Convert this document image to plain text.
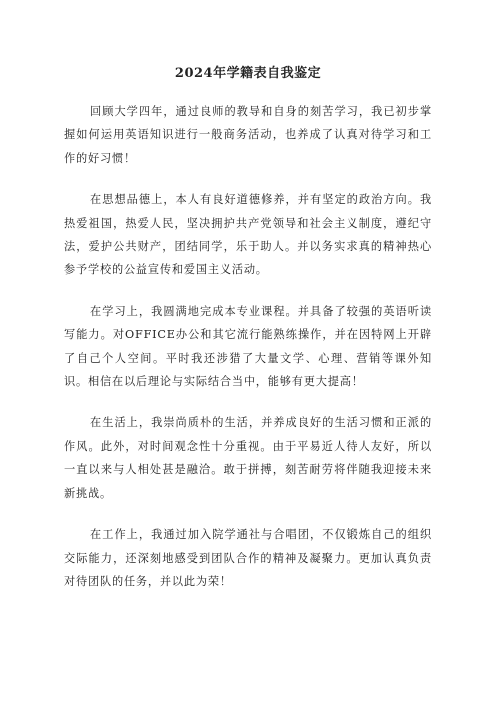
2024年学籍表自我鉴定

回顾大学四年，通过良师的教导和自身的刻苦学习，我已初步掌握如何运用英语知识进行一般商务活动，也养成了认真对待学习和工作的好习惯！

在思想品德上，本人有良好道德修养，并有坚定的政治方向。我热爱祖国，热爱人民，坚决拥护共产党领导和社会主义制度，遵纪守法，爱护公共财产，团结同学，乐于助人。并以务实求真的精神热心参予学校的公益宣传和爱国主义活动。

在学习上，我圆满地完成本专业课程。并具备了较强的英语听读写能力。对OFFICE办公和其它流行能熟练操作，并在因特网上开辟了自己个人空间。平时我还涉猎了大量文学、心理、营销等课外知识。相信在以后理论与实际结合当中，能够有更大提高！

在生活上，我崇尚质朴的生活，并养成良好的生活习惯和正派的作风。此外，对时间观念性十分重视。由于平易近人待人友好，所以一直以来与人相处甚是融洽。敢于拼搏，刻苦耐劳将伴随我迎接未来新挑战。

在工作上，我通过加入院学通社与合唱团，不仅锻炼自己的组织交际能力，还深刻地感受到团队合作的精神及凝聚力。更加认真负责对待团队的任务，并以此为荣！
